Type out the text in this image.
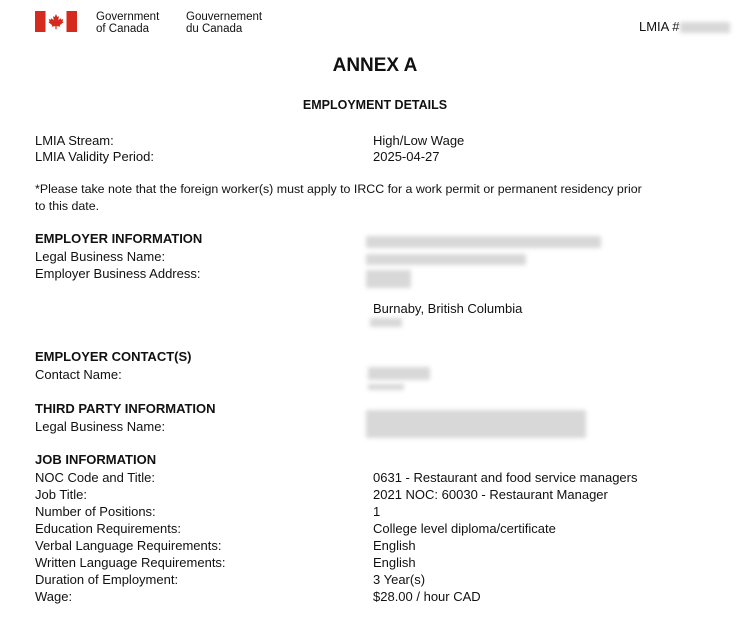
Government
of Canada
Gouvernement
du Canada	LMIA #
ANNEX A
EMPLOYMENT DETAILS
LMIA Stream:	High/Low Wage
LMIA Validity Period:	2025-04-27
*Please take note that the foreign worker(s) must apply to IRCC for a work permit or permanent residency prior
to this date.
EMPLOYER INFORMATION
Legal Business Name:
Employer Business Address:
Burnaby, British Columbia
EMPLOYER CONTACT(S)
Contact Name:
THIRD PARTY INFORMATION
Legal Business Name:
JOB INFORMATION
NOC Code and Title:	0631 - Restaurant and food service managers
Job Title:	2021 NOC: 60030 - Restaurant Manager
Number of Positions:	1
Education Requirements:	College level diploma/certificate
Verbal Language Requirements:	English
Written Language Requirements:	English
Duration of Employment:	3 Year(s)
Wage:	$28.00 / hour CAD
